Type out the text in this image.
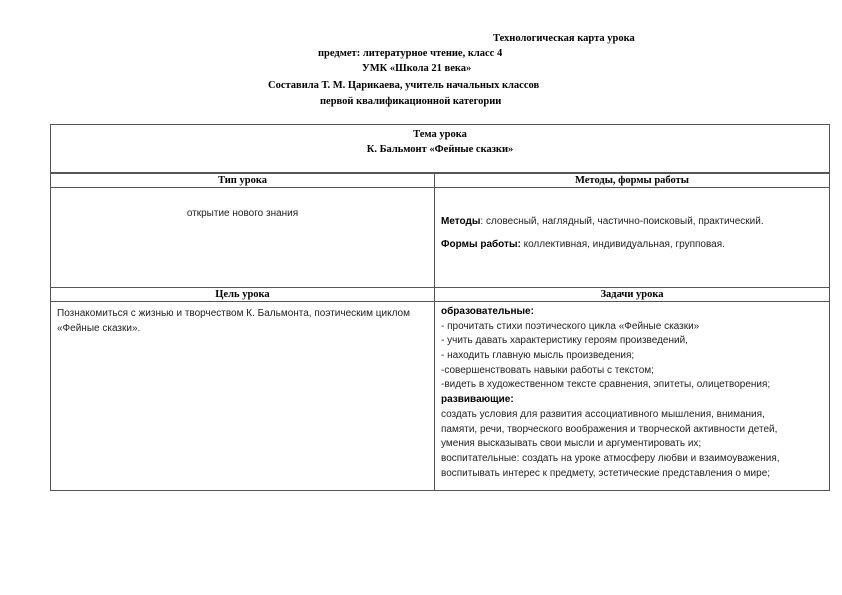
Технологическая карта урока
предмет: литературное чтение, класс 4
УМК «Школа 21 века»
Составила Т. М. Царикаева, учитель начальных классов
первой квалификационной категории
Тема урока
К. Бальмонт «Фейные сказки»
Тип урока	Методы, формы работы
открытие нового знания
Методы: словесный, наглядный, частично-поисковый, практический.
Формы работы: коллективная, индивидуальная, групповая.
Цель урока	Задачи урока
Познакомиться с жизнью и творчеством К. Бальмонта, поэтическим циклом «Фейные сказки».
образовательные:
- прочитать стихи поэтического цикла «Фейные сказки»
- учить давать характеристику героям произведений,
- находить главную мысль произведения;
-совершенствовать навыки работы с текстом;
-видеть в художественном тексте сравнения, эпитеты, олицетворения;
развивающие:
создать условия для развития ассоциативного мышления, внимания,
памяти, речи, творческого воображения и творческой активности детей,
умения высказывать свои мысли и аргументировать их;
воспитательные: создать на уроке атмосферу любви и взаимоуважения,
воспитывать интерес к предмету, эстетические представления о мире;
